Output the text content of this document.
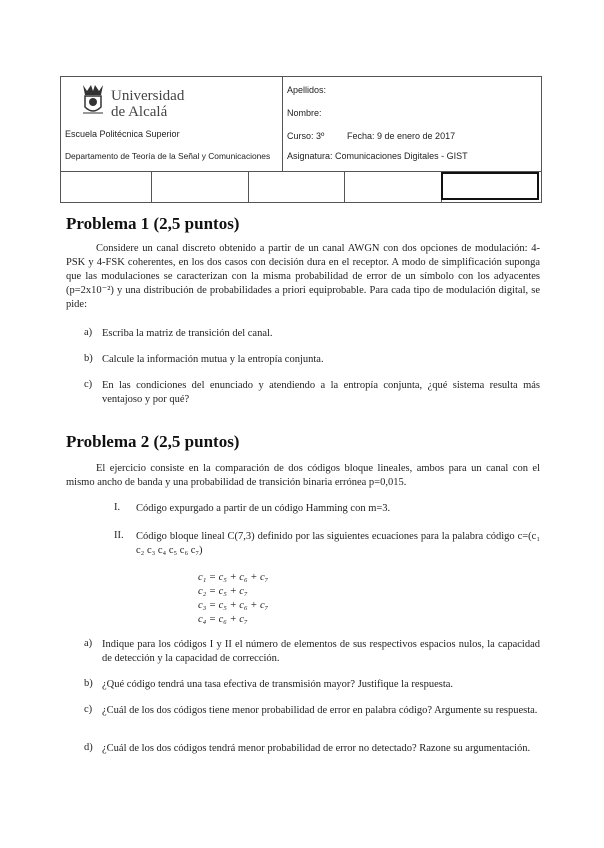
Universidad
de Alcalá
Escuela Politécnica Superior
Departamento de Teoría de la Señal y Comunicaciones
Apellidos:
Nombre:
Curso: 3º	Fecha: 9 de enero de 2017
Asignatura: Comunicaciones Digitales - GIST
Problema 1 (2,5 puntos)

Considere un canal discreto obtenido a partir de un canal AWGN con dos opciones de modulación: 4-PSK y 4-FSK coherentes, en los dos casos con decisión dura en el receptor. A modo de simplificación suponga que las modulaciones se caracterizan con la misma probabilidad de error de un símbolo con los adyacentes (p=2x10⁻²) y una distribución de probabilidades a priori equiprobable. Para cada tipo de modulación digital, se pide:

a) Escriba la matriz de transición del canal.
b) Calcule la información mutua y la entropía conjunta.
c) En las condiciones del enunciado y atendiendo a la entropía conjunta, ¿qué sistema resulta más ventajoso y por qué?
Problema 2 (2,5 puntos)

El ejercicio consiste en la comparación de dos códigos bloque lineales, ambos para un canal con el mismo ancho de banda y una probabilidad de transición binaria errónea p=0,015.

I. Código expurgado a partir de un código Hamming con m=3.
II. Código bloque lineal C(7,3) definido por las siguientes ecuaciones para la palabra código c=(c₁ c₂ c₃ c₄ c₅ c₆ c₇)
c₁ = c₅ + c₆ + c₇
c₂ = c₅ + c₇
c₃ = c₅ + c₆ + c₇
c₄ = c₆ + c₇
a) Indique para los códigos I y II el número de elementos de sus respectivos espacios nulos, la capacidad de detección y la capacidad de corrección.
b) ¿Qué código tendrá una tasa efectiva de transmisión mayor? Justifique la respuesta.
c) ¿Cuál de los dos códigos tiene menor probabilidad de error en palabra código? Argumente su respuesta.
d) ¿Cuál de los dos códigos tendrá menor probabilidad de error no detectado? Razone su argumentación.
